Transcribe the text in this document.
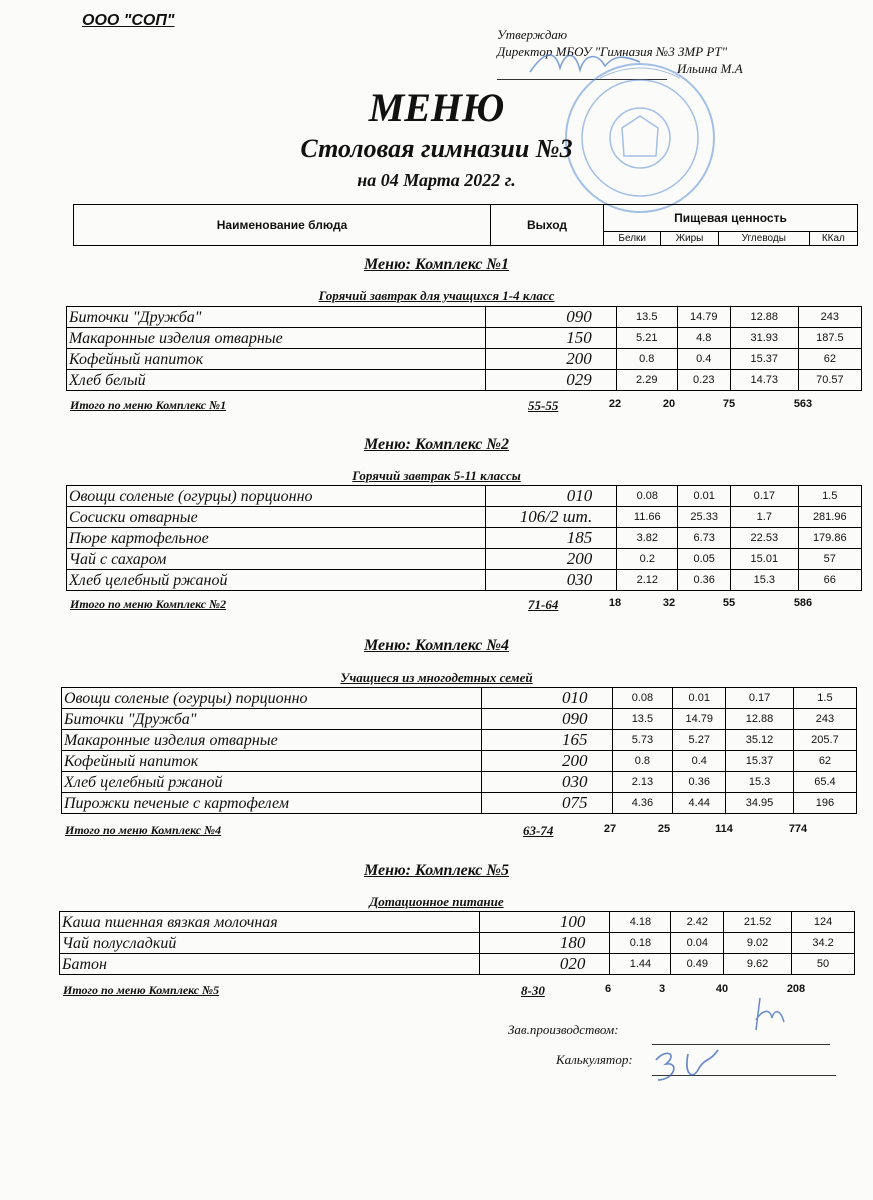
ООО "СОП"
Утверждаю
Директор МБОУ "Гимназия №3 ЗМР РТ"
Ильина М.А
МЕНЮ
Столовая гимназии №3
на 04 Марта 2022 г.
Наименование блюда	Выход	Пищевая ценность			
		Белки	Жиры	Углеводы	ККал
Меню: Комплекс №1
Горячий завтрак для учащихся 1-4 класс
Биточки "Дружба"	090	13.5	14.79	12.88	243
Макаронные изделия отварные	150	5.21	4.8	31.93	187.5
Кофейный напиток	200	0.8	0.4	15.37	62
Хлеб белый	029	2.29	0.23	14.73	70.57
Итого по меню Комплекс №1	55-55	22	20	75	563
Меню: Комплекс №2
Горячий завтрак 5-11 классы
Овощи соленые (огурцы) порционно	010	0.08	0.01	0.17	1.5
Сосиски отварные	106/2 шт.	11.66	25.33	1.7	281.96
Пюре картофельное	185	3.82	6.73	22.53	179.86
Чай с сахаром	200	0.2	0.05	15.01	57
Хлеб целебный ржаной	030	2.12	0.36	15.3	66
Итого по меню Комплекс №2	71-64	18	32	55	586
Меню: Комплекс №4
Учащиеся из многодетных семей
Овощи соленые (огурцы) порционно	010	0.08	0.01	0.17	1.5
Биточки "Дружба"	090	13.5	14.79	12.88	243
Макаронные изделия отварные	165	5.73	5.27	35.12	205.7
Кофейный напиток	200	0.8	0.4	15.37	62
Хлеб целебный ржаной	030	2.13	0.36	15.3	65.4
Пирожки печеные с картофелем	075	4.36	4.44	34.95	196
Итого по меню Комплекс №4	63-74	27	25	114	774
Меню: Комплекс №5
Дотационное питание
Каша пшенная вязкая молочная	100	4.18	2.42	21.52	124
Чай полусладкий	180	0.18	0.04	9.02	34.2
Батон	020	1.44	0.49	9.62	50
Итого по меню Комплекс №5	8-30	6	3	40	208
Зав.производством:
Калькулятор:
